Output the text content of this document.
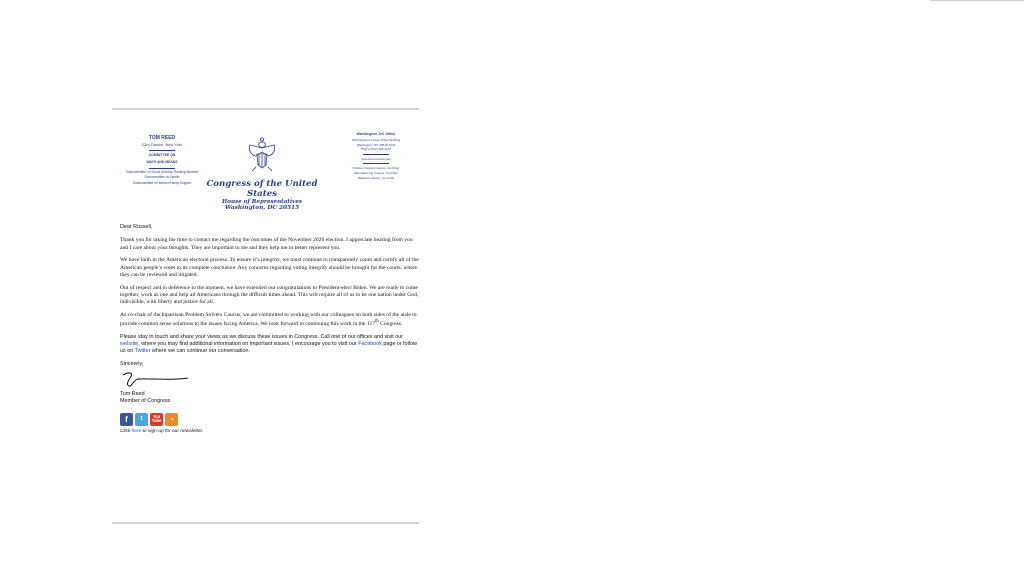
TOM REED
23rd District, New York
COMMITTEE ON
WAYS AND MEANS
Subcommittee on Social Security, Ranking Member
Subcommittee on Health
Subcommittee on Worker/Family Support	Congress of the United States
House of Representatives
Washington, DC 20515
Washington, DC Office
2263 Rayburn House Office Building
Washington, DC 20515-3223
Phone (202) 225-3161
www.Reed.House.gov
Problem Solvers Caucus, Co-Chair
Manufacturing Caucus, Co-Chair
Diabetes Caucus, Co-Chair

Dear Russell,

Thank you for taking the time to contact me regarding the outcomes of the November 2020 election. I appreciate hearing from you and I care about your thoughts. They are important to me and they help me to better represent you.

We have faith in the American electoral process. To ensure it’s integrity, we must continue to transparently count and certify all of the American people’s votes to its complete conclusion. Any concerns regarding voting integrity should be brought for the courts, where they can be reviewed and litigated.

Out of respect and in deference to the moment, we have extended our congratulations to President-elect Biden. We are ready to come together, work as one and help all Americans through the difficult times ahead. This will require all of us to be one nation under God, indivisible, with liberty and justice for all.

As co-chair of the bipartisan Problem Solvers Caucus, we are committed to working with our colleagues on both sides of the aisle to provide common sense solutions to the issues facing America. We look forward to continuing this work in the 117th Congress.

Please stay in touch and share your views as we discuss these issues in Congress. Call one of our offices and visit our website, where you may find additional information on important issues. I encourage you to visit our Facebook page or follow us on Twitter where we can continue our conversation.

Sincerely,
Tom Reed
Member of Congress
f t You
Tube ◔
Click here to sign-up for our newsletter.
